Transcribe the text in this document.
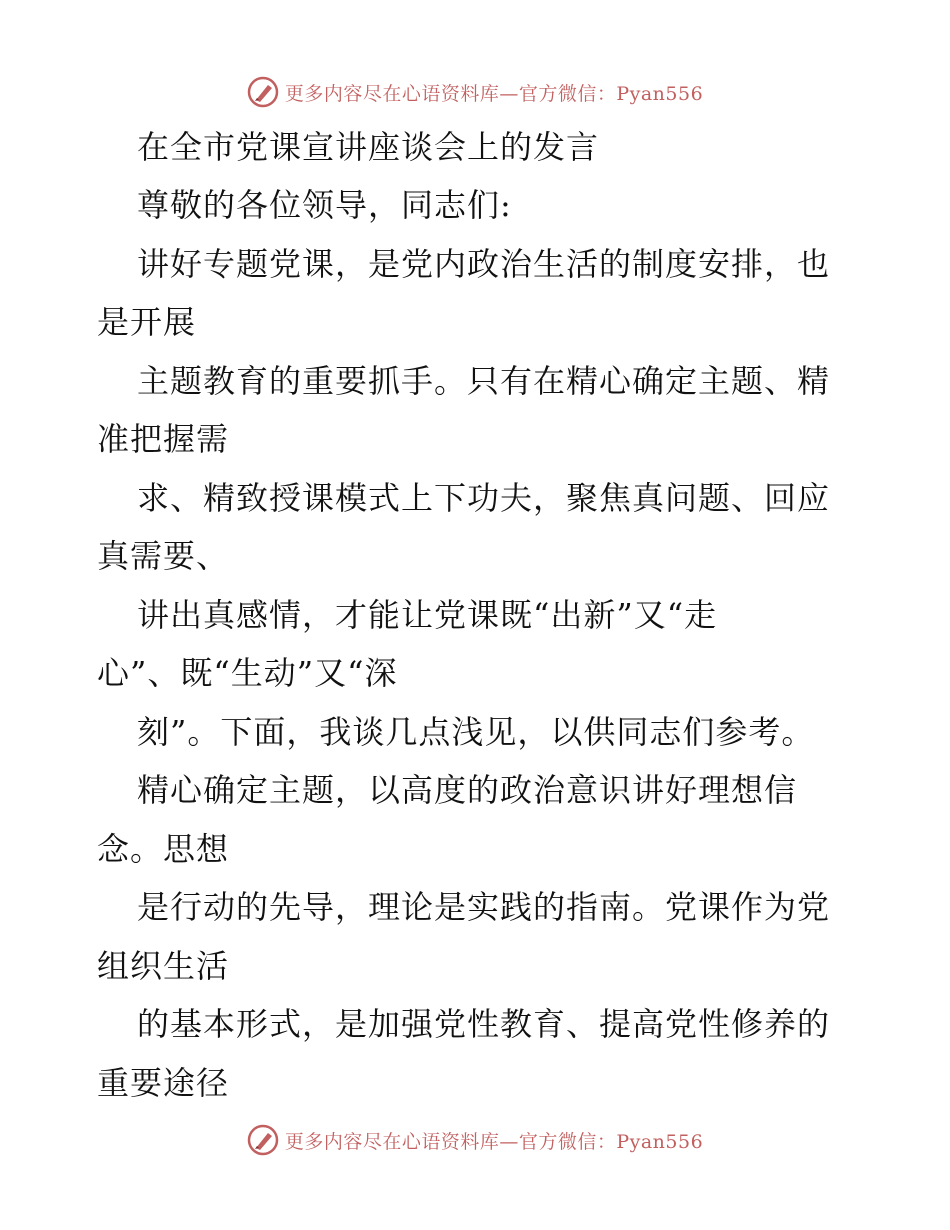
更多内容尽在心语资料库—官方微信：Pyan556
在全市党课宣讲座谈会上的发言
尊敬的各位领导，同志们:
讲好专题党课，是党内政治生活的制度安排，也
是开展
主题教育的重要抓手。只有在精心确定主题、精
准把握需
求、精致授课模式上下功夫，聚焦真问题、回应
真需要、
讲出真感情，才能让党课既“出新”又“走
心”、既“生动”又“深
刻”。下面，我谈几点浅见，以供同志们参考。
精心确定主题，以高度的政治意识讲好理想信
念。思想
是行动的先导，理论是实践的指南。党课作为党
组织生活
的基本形式，是加强党性教育、提高党性修养的
重要途径
更多内容尽在心语资料库—官方微信：Pyan556
